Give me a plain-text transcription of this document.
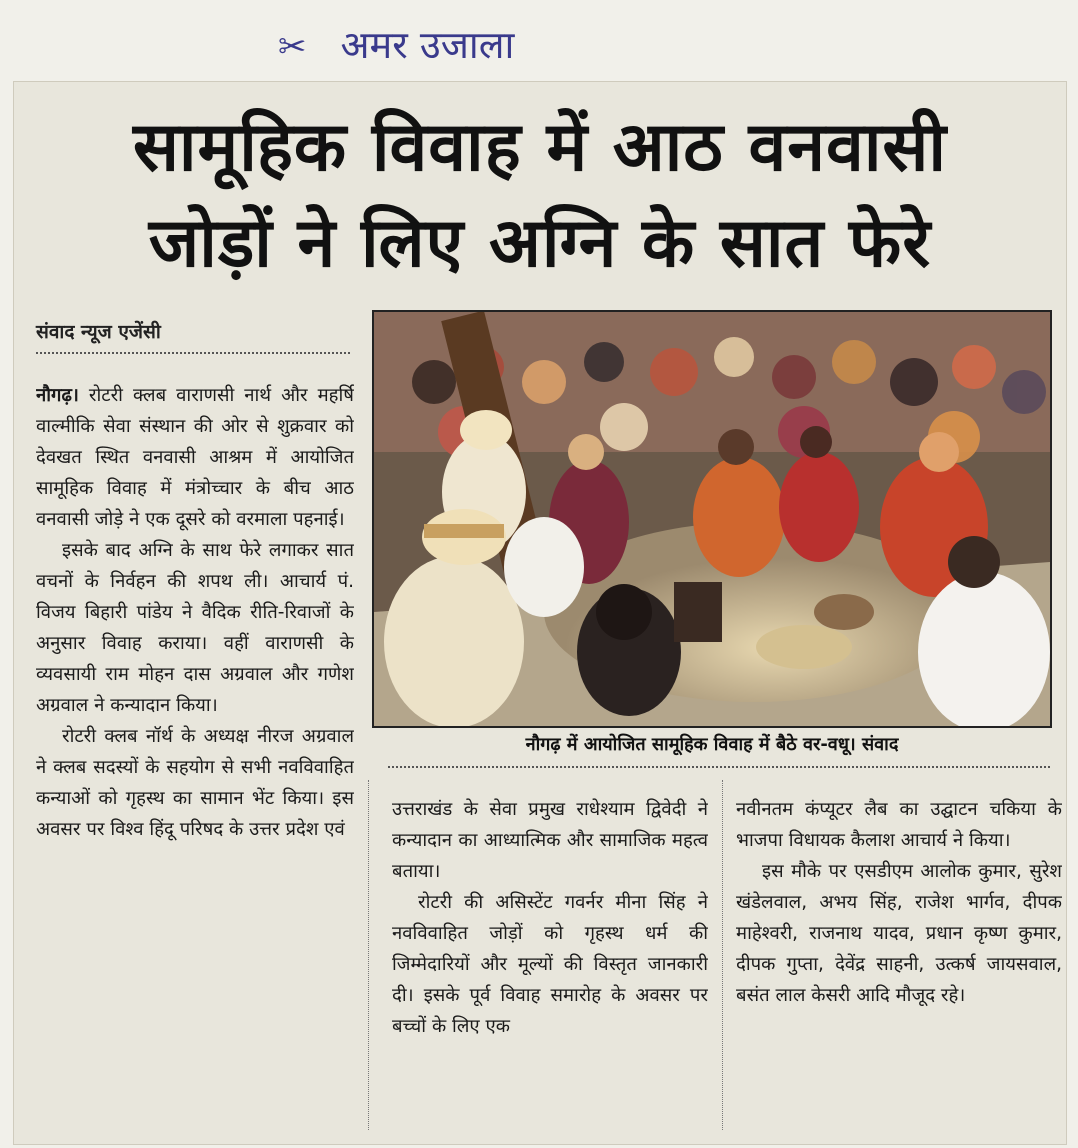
✂ अमर उजाला
सामूहिक विवाह में आठ वनवासी
जोड़ों ने लिए अग्नि के सात फेरे
संवाद न्यूज एजेंसी

नौगढ़। रोटरी क्लब वाराणसी नार्थ और महर्षि वाल्मीकि सेवा संस्थान की ओर से शुक्रवार को देवखत स्थित वनवासी आश्रम में आयोजित सामूहिक विवाह में मंत्रोच्चार के बीच आठ वनवासी जोड़े ने एक दूसरे को वरमाला पहनाई।

इसके बाद अग्नि के साथ फेरे लगाकर सात वचनों के निर्वहन की शपथ ली। आचार्य पं. विजय बिहारी पांडेय ने वैदिक रीति-रिवाजों के अनुसार विवाह कराया। वहीं वाराणसी के व्यवसायी राम मोहन दास अग्रवाल और गणेश अग्रवाल ने कन्यादान किया।

रोटरी क्लब नॉर्थ के अध्यक्ष नीरज अग्रवाल ने क्लब सदस्यों के सहयोग से सभी नवविवाहित कन्याओं को गृहस्थ का सामान भेंट किया। इस अवसर पर विश्व हिंदू परिषद के उत्तर प्रदेश एवं

नौगढ़ में आयोजित सामूहिक विवाह में बैठे वर-वधू। संवाद

उत्तराखंड के सेवा प्रमुख राधेश्याम द्विवेदी ने कन्यादान का आध्यात्मिक और सामाजिक महत्व बताया।

रोटरी की असिस्टेंट गवर्नर मीना सिंह ने नवविवाहित जोड़ों को गृहस्थ धर्म की जिम्मेदारियों और मूल्यों की विस्तृत जानकारी दी। इसके पूर्व विवाह समारोह के अवसर पर बच्चों के लिए एक

नवीनतम कंप्यूटर लैब का उद्घाटन चकिया के भाजपा विधायक कैलाश आचार्य ने किया।

इस मौके पर एसडीएम आलोक कुमार, सुरेश खंडेलवाल, अभय सिंह, राजेश भार्गव, दीपक माहेश्वरी, राजनाथ यादव, प्रधान कृष्ण कुमार, दीपक गुप्ता, देवेंद्र साहनी, उत्कर्ष जायसवाल, बसंत लाल केसरी आदि मौजूद रहे।
